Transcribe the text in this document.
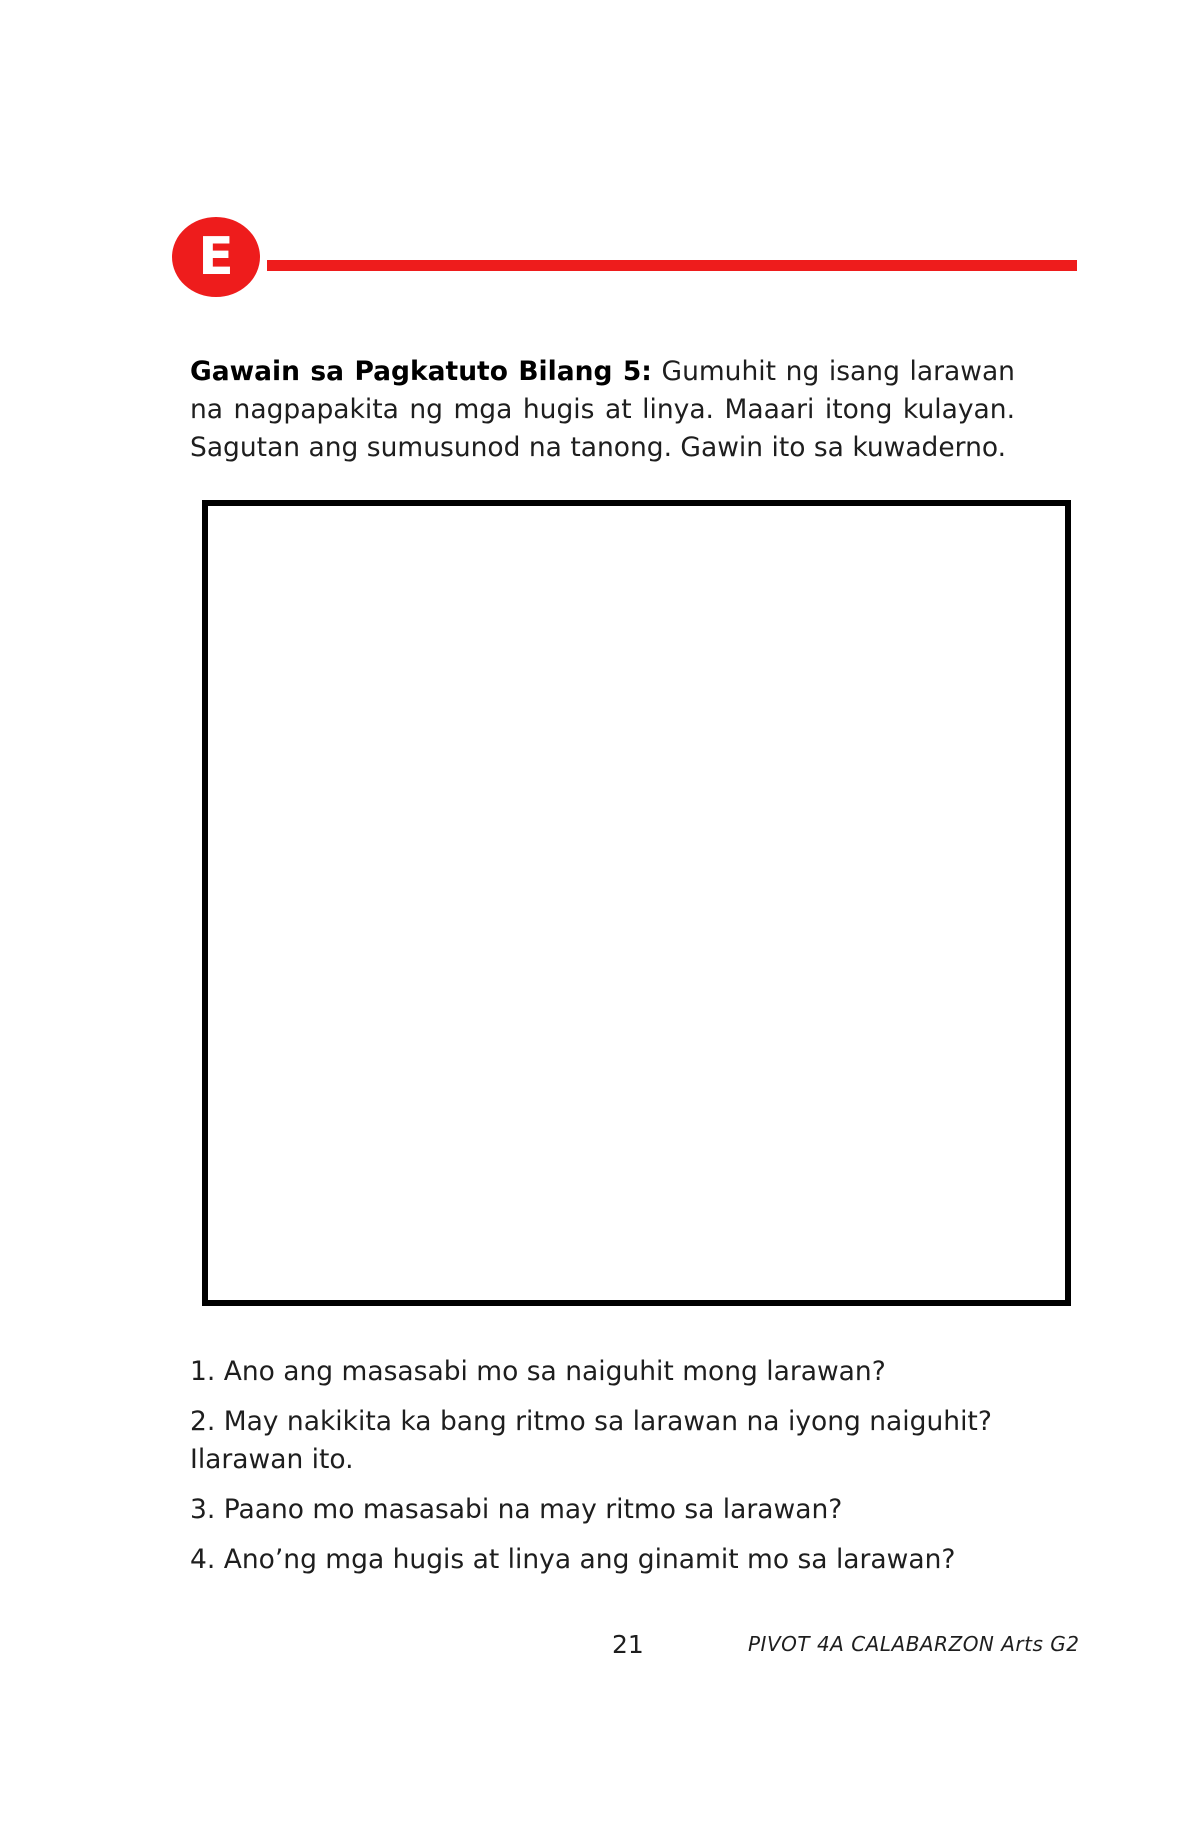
E

Gawain sa Pagkatuto Bilang 5: Gumuhit ng isang larawan na nagpapakita ng mga hugis at linya. Maaari itong kulayan. Sagutan ang sumusunod na tanong. Gawin ito sa kuwaderno.

1. Ano ang masasabi mo sa naiguhit mong larawan?
2. May nakikita ka bang ritmo sa larawan na iyong naiguhit? Ilarawan ito.
3. Paano mo masasabi na may ritmo sa larawan?
4. Ano’ng mga hugis at linya ang ginamit mo sa larawan?
21	PIVOT 4A CALABARZON Arts G2
